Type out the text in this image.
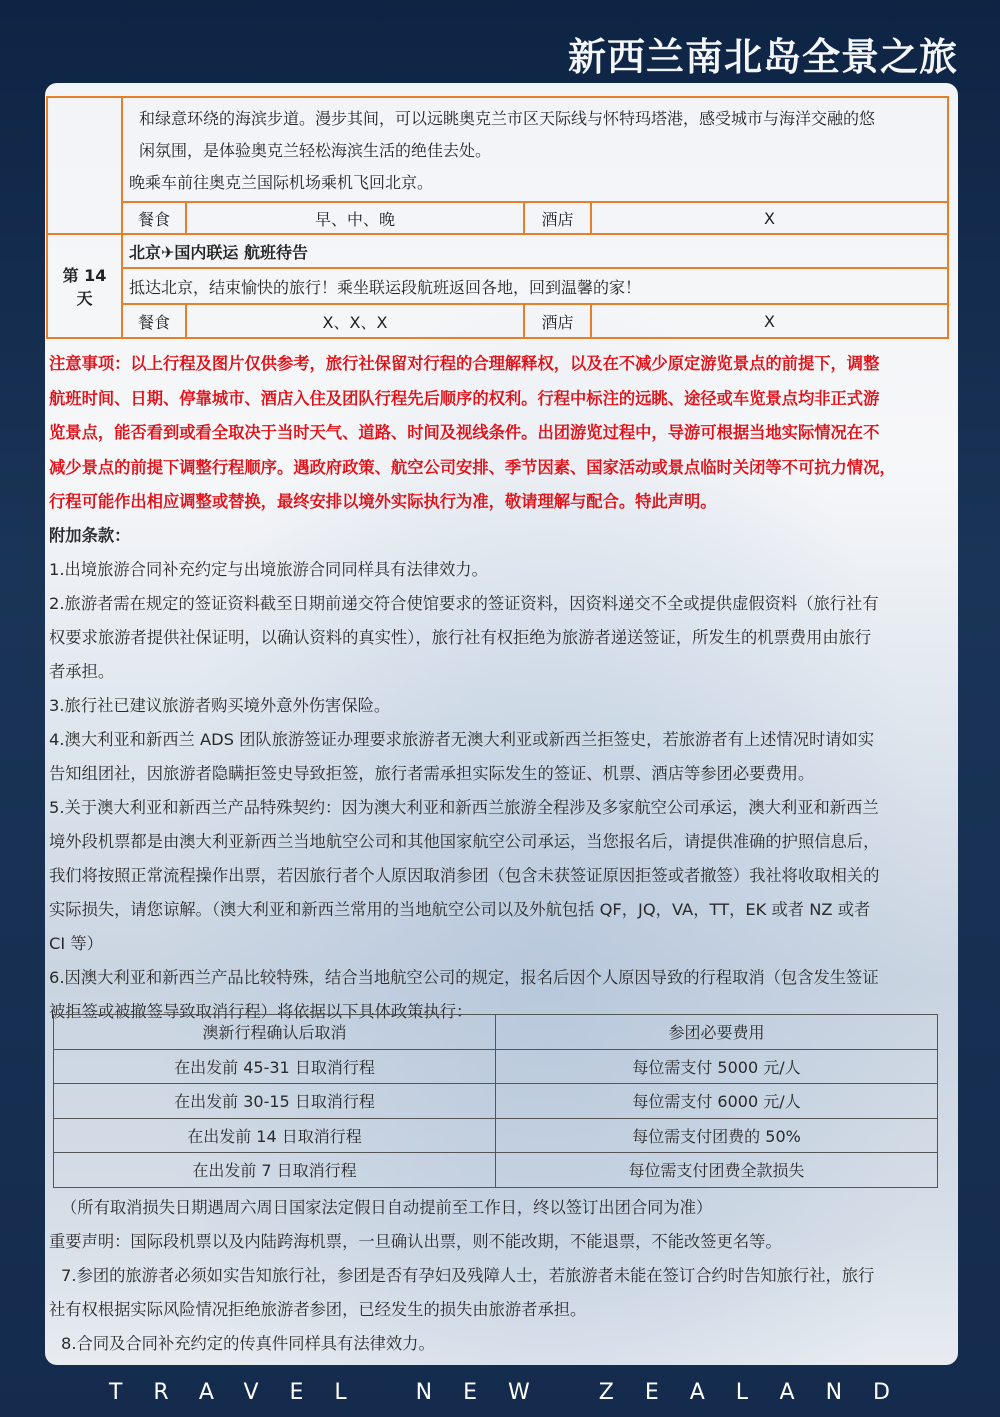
新西兰南北岛全景之旅

	和绿意环绕的海滨步道。漫步其间，可以远眺奥克兰市区天际线与怀特玛塔港，感受城市与海洋交融的悠
闲氛围，是体验奥克兰轻松海滨生活的绝佳去处。
晚乘车前往奥克兰国际机场乘机飞回北京。			

	餐食	早、中、晚	酒店	X
第 14 天	北京✈国内联运 航班待告			
	抵达北京，结束愉快的旅行！乘坐联运段航班返回各地，回到温馨的家！			
	餐食	X、X、X	酒店	X
注意事项：以上行程及图片仅供参考，旅行社保留对行程的合理解释权，以及在不减少原定游览景点的前提下，调整
航班时间、日期、停靠城市、酒店入住及团队行程先后顺序的权利。行程中标注的远眺、途径或车览景点均非正式游
览景点，能否看到或看全取决于当时天气、道路、时间及视线条件。出团游览过程中，导游可根据当地实际情况在不
减少景点的前提下调整行程顺序。遇政府政策、航空公司安排、季节因素、国家活动或景点临时关闭等不可抗力情况，
行程可能作出相应调整或替换，最终安排以境外实际执行为准，敬请理解与配合。特此声明。
附加条款：
1.出境旅游合同补充约定与出境旅游合同同样具有法律效力。
2.旅游者需在规定的签证资料截至日期前递交符合使馆要求的签证资料，因资料递交不全或提供虚假资料（旅行社有
权要求旅游者提供社保证明，以确认资料的真实性），旅行社有权拒绝为旅游者递送签证，所发生的机票费用由旅行
者承担。
3.旅行社已建议旅游者购买境外意外伤害保险。
4.澳大利亚和新西兰 ADS 团队旅游签证办理要求旅游者无澳大利亚或新西兰拒签史，若旅游者有上述情况时请如实
告知组团社，因旅游者隐瞒拒签史导致拒签，旅行者需承担实际发生的签证、机票、酒店等参团必要费用。
5.关于澳大利亚和新西兰产品特殊契约：因为澳大利亚和新西兰旅游全程涉及多家航空公司承运，澳大利亚和新西兰
境外段机票都是由澳大利亚新西兰当地航空公司和其他国家航空公司承运，当您报名后，请提供准确的护照信息后，
我们将按照正常流程操作出票，若因旅行者个人原因取消参团（包含未获签证原因拒签或者撤签）我社将收取相关的
实际损失，请您谅解。（澳大利亚和新西兰常用的当地航空公司以及外航包括 QF，JQ，VA，TT，EK 或者 NZ 或者
CI 等）
6.因澳大利亚和新西兰产品比较特殊，结合当地航空公司的规定，报名后因个人原因导致的行程取消（包含发生签证
被拒签或被撤签导致取消行程）将依据以下具体政策执行：
澳新行程确认后取消	参团必要费用
在出发前 45-31 日取消行程	每位需支付 5000 元/人
在出发前 30-15 日取消行程	每位需支付 6000 元/人
在出发前 14 日取消行程	每位需支付团费的 50%
在出发前 7 日取消行程	每位需支付团费全款损失
（所有取消损失日期遇周六周日国家法定假日自动提前至工作日，终以签订出团合同为准）
重要声明：国际段机票以及内陆跨海机票，一旦确认出票，则不能改期，不能退票，不能改签更名等。
7.参团的旅游者必须如实告知旅行社，参团是否有孕妇及残障人士，若旅游者未能在签订合约时告知旅行社，旅行
社有权根据实际风险情况拒绝旅游者参团，已经发生的损失由旅游者承担。
8.合同及合同补充约定的传真件同样具有法律效力。
TRAVEL NEW ZEALAND
